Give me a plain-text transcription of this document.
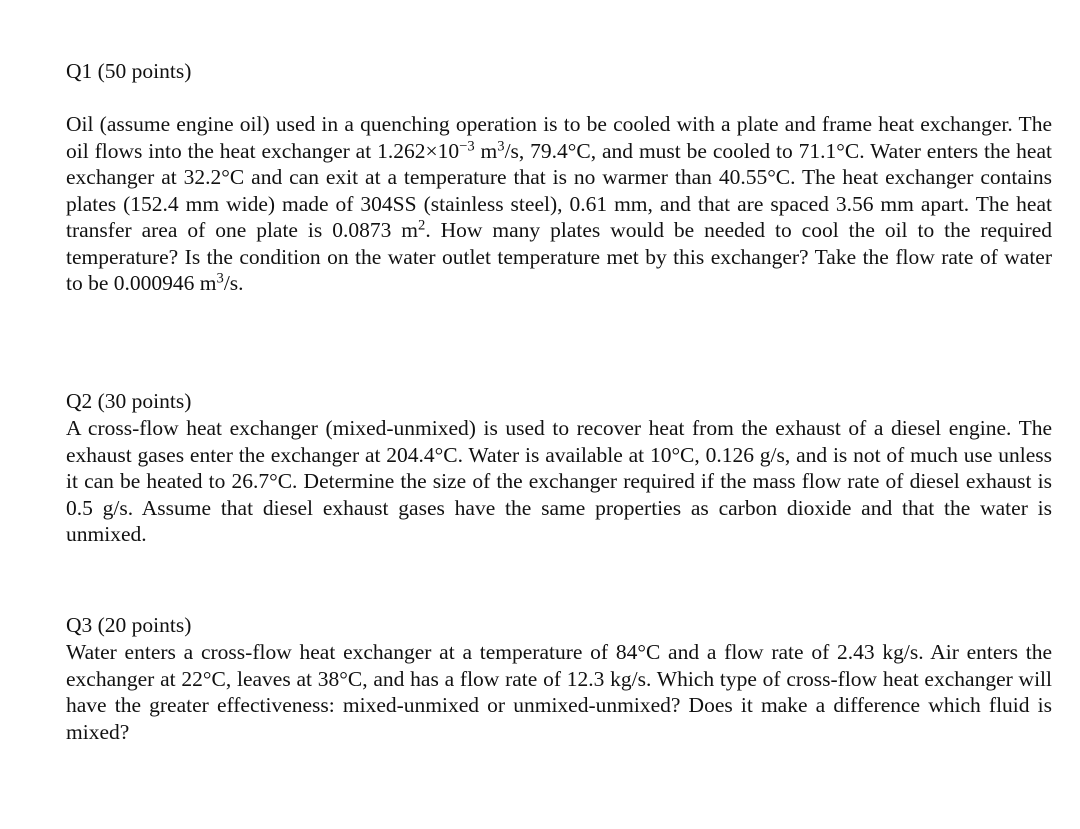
Q1 (50 points)

Oil (assume engine oil) used in a quenching operation is to be cooled with a plate and frame heat exchanger. The oil flows into the heat exchanger at $1.262\times 10^{-3}$ $m^3/s$, 79.4°C, and must be cooled to 71.1°C. Water enters the heat exchanger at 32.2°C and can exit at a temperature that is no warmer than 40.55°C. The heat exchanger contains plates (152.4 mm wide) made of 304SS (stainless steel), 0.61 mm, and that are spaced 3.56 mm apart. The heat transfer area of one plate is 0.0873 $m^2$. How many plates would be needed to cool the oil to the required temperature? Is the condition on the water outlet temperature met by this exchanger? Take the flow rate of water to be 0.000946 $m^3/s$.

Q2 (30 points)

A cross-flow heat exchanger (mixed-unmixed) is used to recover heat from the exhaust of a diesel engine. The exhaust gases enter the exchanger at 204.4°C. Water is available at 10°C, 0.126 g/s, and is not of much use unless it can be heated to 26.7°C. Determine the size of the exchanger required if the mass flow rate of diesel exhaust is 0.5 g/s. Assume that diesel exhaust gases have the same properties as carbon dioxide and that the water is unmixed.

Q3 (20 points)

Water enters a cross-flow heat exchanger at a temperature of 84°C and a flow rate of 2.43 kg/s. Air enters the exchanger at 22°C, leaves at 38°C, and has a flow rate of 12.3 kg/s. Which type of cross-flow heat exchanger will have the greater effectiveness: mixed-unmixed or unmixed-unmixed? Does it make a difference which fluid is mixed?
